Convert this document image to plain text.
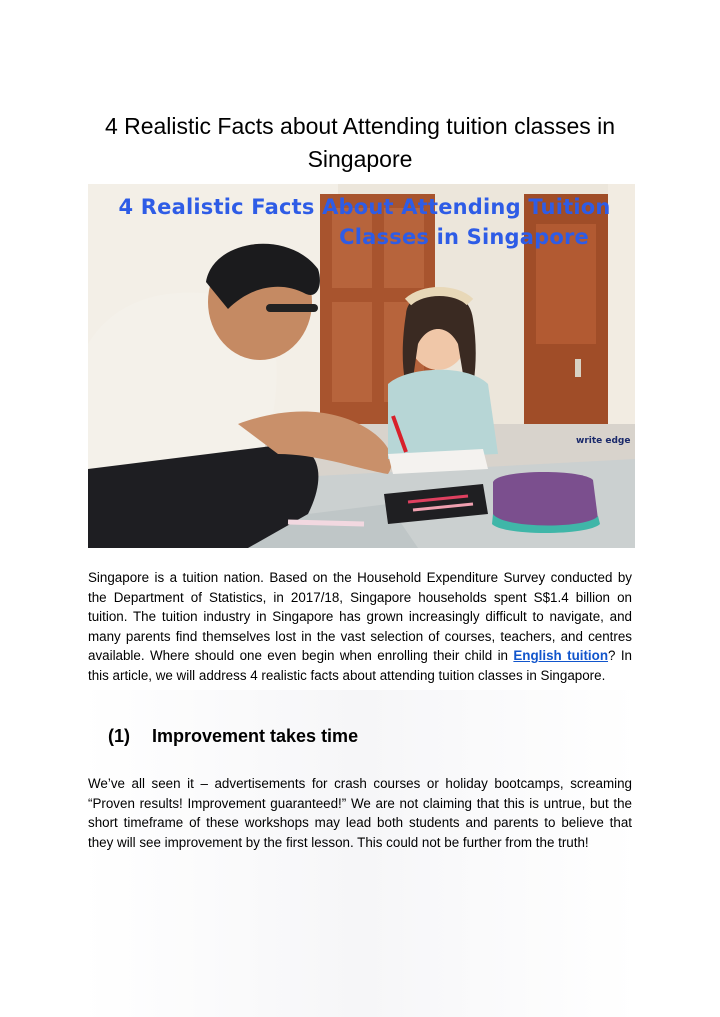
4 Realistic Facts about Attending tuition classes in Singapore
4 Realistic Facts About Attending Tuition
Classes in Singapore
write edge

Singapore is a tuition nation. Based on the Household Expenditure Survey conducted by the Department of Statistics, in 2017/18, Singapore households spent S$1.4 billion on tuition. The tuition industry in Singapore has grown increasingly difficult to navigate, and many parents find themselves lost in the vast selection of courses, teachers, and centres available. Where should one even begin when enrolling their child in English tuition? In this article, we will address 4 realistic facts about attending tuition classes in Singapore.

(1) Improvement takes time

We’ve all seen it – advertisements for crash courses or holiday bootcamps, screaming “Proven results! Improvement guaranteed!” We are not claiming that this is untrue, but the short timeframe of these workshops may lead both students and parents to believe that they will see improvement by the first lesson. This could not be further from the truth!
